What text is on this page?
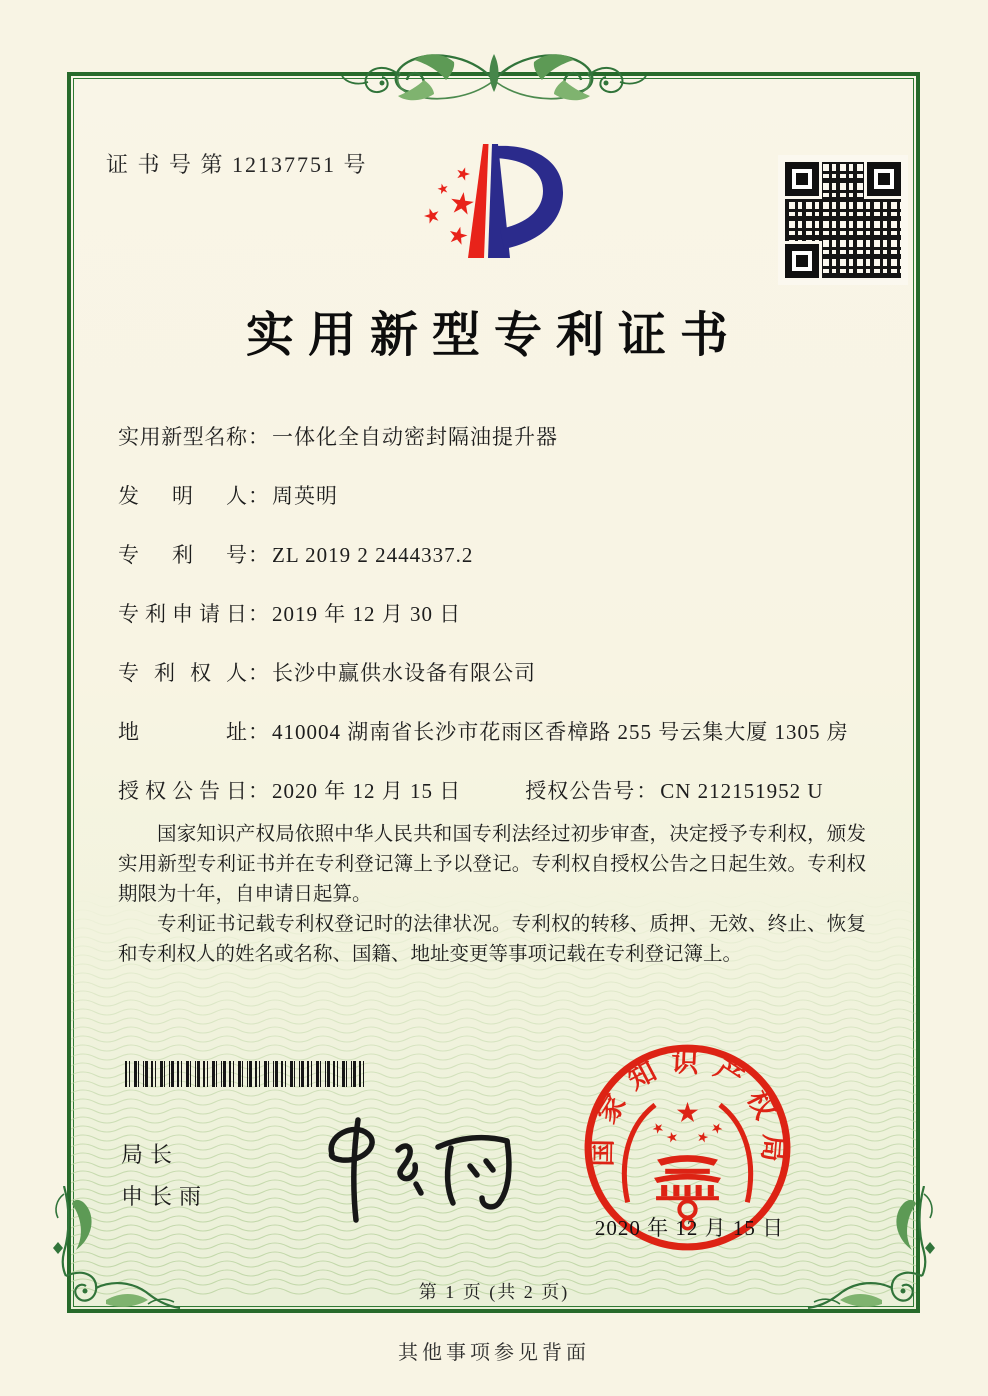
证 书 号 第 12137751 号
实用新型专利证书
实用新型名称： 一体化全自动密封隔油提升器
发明人： 周英明
专利号： ZL 2019 2 2444337.2
专利申请日： 2019 年 12 月 30 日
专利权人： 长沙中赢供水设备有限公司
地址： 410004 湖南省长沙市花雨区香樟路 255 号云集大厦 1305 房
授权公告日： 2020 年 12 月 15 日	授权公告号： CN 212151952 U

国家知识产权局依照中华人民共和国专利法经过初步审查，决定授予专利权，颁发实用新型专利证书并在专利登记簿上予以登记。专利权自授权公告之日起生效。专利权期限为十年，自申请日起算。

专利证书记载专利权登记时的法律状况。专利权的转移、质押、无效、终止、恢复和专利权人的姓名或名称、国籍、地址变更等事项记载在专利登记簿上。

局长
申长雨
国家知识产权局
2020 年 12 月 15 日
第 1 页 (共 2 页)
其他事项参见背面
